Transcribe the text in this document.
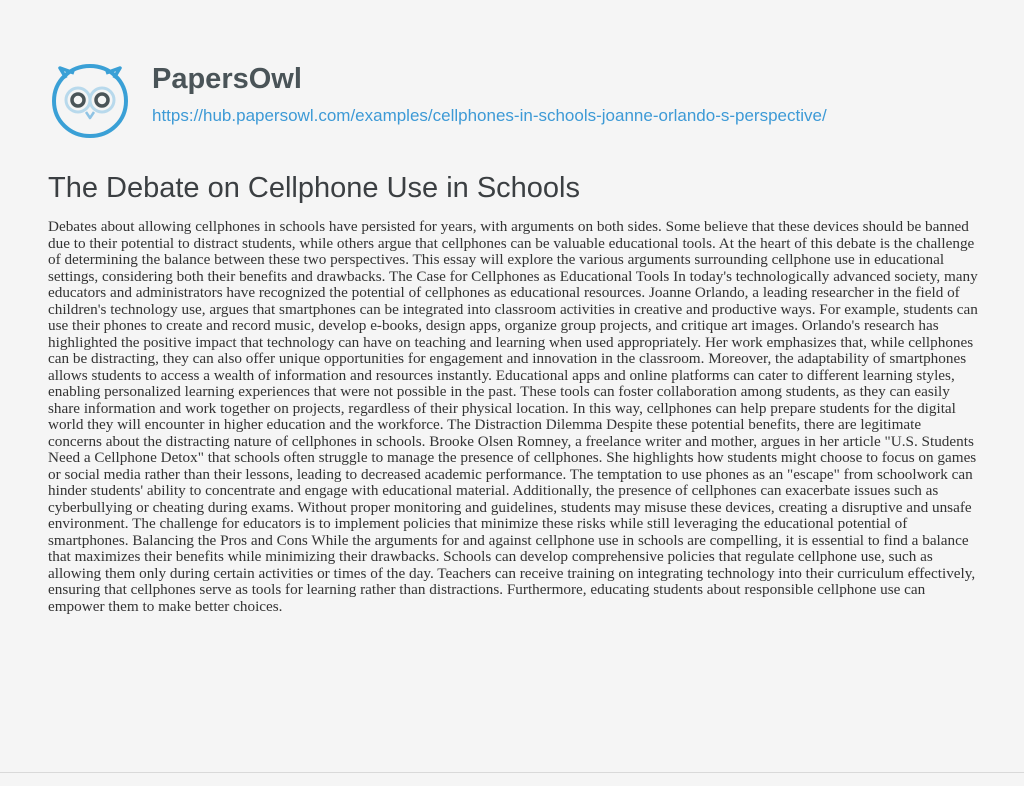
PapersOwl
https://hub.papersowl.com/examples/cellphones-in-schools-joanne-orlando-s-perspective/
The Debate on Cellphone Use in Schools

Debates about allowing cellphones in schools have persisted for years, with arguments on both sides. Some believe that these devices should be banned due to their potential to distract students, while others argue that cellphones can be valuable educational tools. At the heart of this debate is the challenge of determining the balance between these two perspectives. This essay will explore the various arguments surrounding cellphone use in educational settings, considering both their benefits and drawbacks. The Case for Cellphones as Educational Tools In today's technologically advanced society, many educators and administrators have recognized the potential of cellphones as educational resources. Joanne Orlando, a leading researcher in the field of children's technology use, argues that smartphones can be integrated into classroom activities in creative and productive ways. For example, students can use their phones to create and record music, develop e-books, design apps, organize group projects, and critique art images. Orlando's research has highlighted the positive impact that technology can have on teaching and learning when used appropriately. Her work emphasizes that, while cellphones can be distracting, they can also offer unique opportunities for engagement and innovation in the classroom. Moreover, the adaptability of smartphones allows students to access a wealth of information and resources instantly. Educational apps and online platforms can cater to different learning styles, enabling personalized learning experiences that were not possible in the past. These tools can foster collaboration among students, as they can easily share information and work together on projects, regardless of their physical location. In this way, cellphones can help prepare students for the digital world they will encounter in higher education and the workforce. The Distraction Dilemma Despite these potential benefits, there are legitimate concerns about the distracting nature of cellphones in schools. Brooke Olsen Romney, a freelance writer and mother, argues in her article "U.S. Students Need a Cellphone Detox" that schools often struggle to manage the presence of cellphones. She highlights how students might choose to focus on games or social media rather than their lessons, leading to decreased academic performance. The temptation to use phones as an "escape" from schoolwork can hinder students' ability to concentrate and engage with educational material. Additionally, the presence of cellphones can exacerbate issues such as cyberbullying or cheating during exams. Without proper monitoring and guidelines, students may misuse these devices, creating a disruptive and unsafe environment. The challenge for educators is to implement policies that minimize these risks while still leveraging the educational potential of smartphones. Balancing the Pros and Cons While the arguments for and against cellphone use in schools are compelling, it is essential to find a balance that maximizes their benefits while minimizing their drawbacks. Schools can develop comprehensive policies that regulate cellphone use, such as allowing them only during certain activities or times of the day. Teachers can receive training on integrating technology into their curriculum effectively, ensuring that cellphones serve as tools for learning rather than distractions. Furthermore, educating students about responsible cellphone use can empower them to make better choices.
